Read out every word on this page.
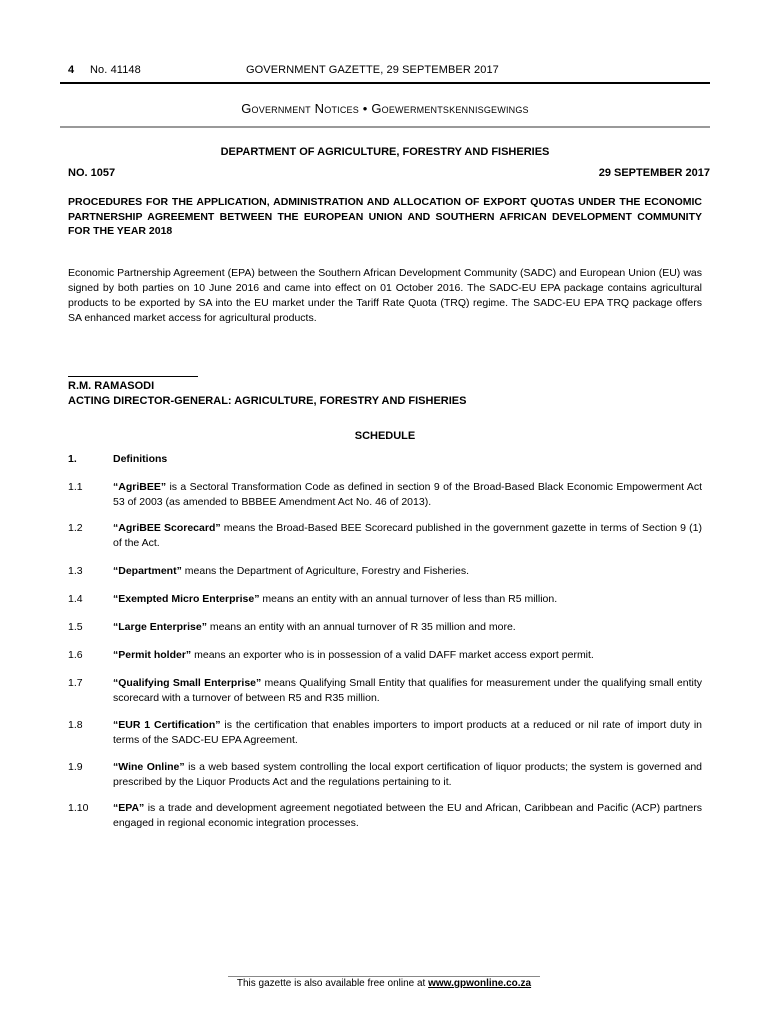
4 No. 41148	GOVERNMENT GAZETTE, 29 SEPTEMBER 2017
Government Notices • Goewermentskennisgewings
DEPARTMENT OF AGRICULTURE, FORESTRY AND FISHERIES
NO. 1057	29 SEPTEMBER 2017
PROCEDURES FOR THE APPLICATION, ADMINISTRATION AND ALLOCATION OF EXPORT QUOTAS UNDER THE ECONOMIC PARTNERSHIP AGREEMENT BETWEEN THE EUROPEAN UNION AND SOUTHERN AFRICAN DEVELOPMENT COMMUNITY FOR THE YEAR 2018
Economic Partnership Agreement (EPA) between the Southern African Development Community (SADC) and European Union (EU) was signed by both parties on 10 June 2016 and came into effect on 01 October 2016. The SADC-EU EPA package contains agricultural products to be exported by SA into the EU market under the Tariff Rate Quota (TRQ) regime. The SADC-EU EPA TRQ package offers SA enhanced market access for agricultural products.
R.M. RAMASODI
ACTING DIRECTOR-GENERAL: AGRICULTURE, FORESTRY AND FISHERIES
SCHEDULE
1.	Definitions
1.1	“AgriBEE” is a Sectoral Transformation Code as defined in section 9 of the Broad-Based Black Economic Empowerment Act 53 of 2003 (as amended to BBBEE Amendment Act No. 46 of 2013).
1.2	“AgriBEE Scorecard” means the Broad-Based BEE Scorecard published in the government gazette in terms of Section 9 (1) of the Act.
1.3	“Department” means the Department of Agriculture, Forestry and Fisheries.
1.4	“Exempted Micro Enterprise” means an entity with an annual turnover of less than R5 million.
1.5	“Large Enterprise” means an entity with an annual turnover of R 35 million and more.
1.6	“Permit holder” means an exporter who is in possession of a valid DAFF market access export permit.
1.7	“Qualifying Small Enterprise” means Qualifying Small Entity that qualifies for measurement under the qualifying small entity scorecard with a turnover of between R5 and R35 million.
1.8	“EUR 1 Certification” is the certification that enables importers to import products at a reduced or nil rate of import duty in terms of the SADC-EU EPA Agreement.
1.9	“Wine Online” is a web based system controlling the local export certification of liquor products; the system is governed and prescribed by the Liquor Products Act and the regulations pertaining to it.
1.10 “EPA” is a trade and development agreement negotiated between the EU and African, Caribbean and Pacific (ACP) partners engaged in regional economic integration processes.
This gazette is also available free online at www.gpwonline.co.za
